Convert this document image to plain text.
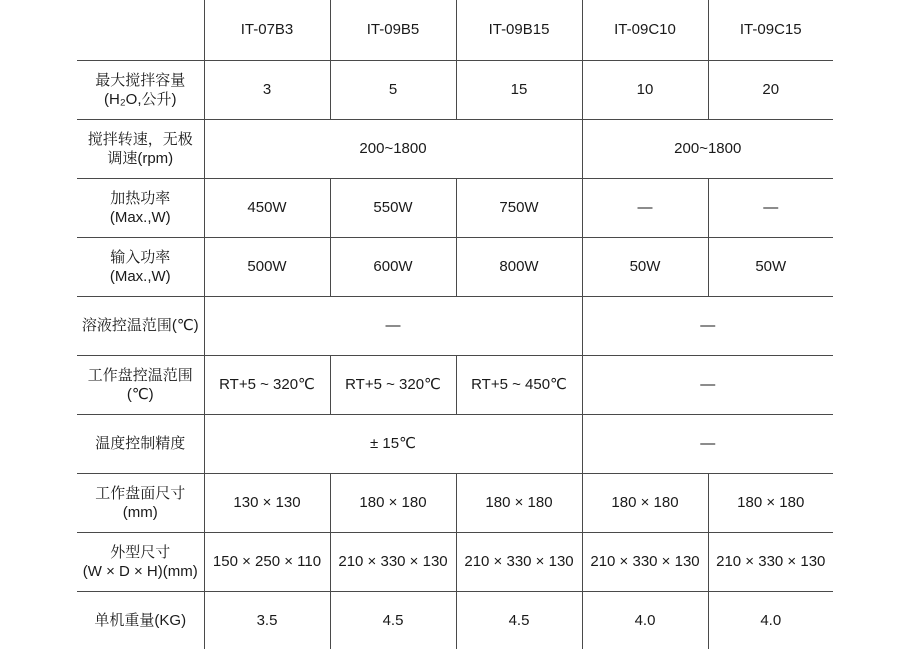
	IT-07B3	IT-09B5	IT-09B15	IT-09C10	IT-09C15

最大搅拌容量
(H₂O,公升)	3	5	15	10	20

搅拌转速，无极
调速(rpm)	200~1800			200~1800	

加热功率
(Max.,W)	450W	550W	750W	—	—

输入功率
(Max.,W)	500W	600W	800W	50W	50W
溶液控温范围(℃)	—			—	

工作盘控温范围
(℃)	RT+5 ~ 320℃	RT+5 ~ 320℃	RT+5 ~ 450℃	—	
温度控制精度	± 15℃			—	

工作盘面尺寸
(mm)	130 × 130	180 × 180	180 × 180	180 × 180	180 × 180

外型尺寸
(W × D × H)(mm)	150 × 250 × 110	210 × 330 × 130	210 × 330 × 130	210 × 330 × 130	210 × 330 × 130
单机重量(KG)	3.5	4.5	4.5	4.0	4.0
